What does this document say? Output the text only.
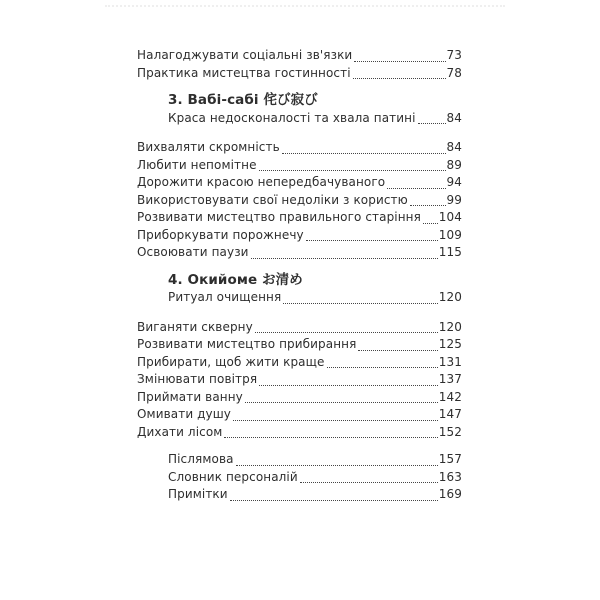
Налагоджувати соціальні зв'язки	73
Практика мистецтва гостинності	78
3. Вабі-сабі 侘び寂び
Краса недосконалості та хвала патині	84
Вихваляти скромність	84
Любити непомітне	89
Дорожити красою непередбачуваного	94
Використовувати свої недоліки з користю	99
Розвивати мистецтво правильного старіння 104
Приборкувати порожнечу	109
Освоювати паузи	115
4. Окийоме お清め
Ритуал очищення	120
Виганяти скверну	120
Розвивати мистецтво прибирання	125
Прибирати, щоб жити краще	131
Змінювати повітря	137
Приймати ванну	142
Омивати душу	147
Дихати лісом	152
Післямова	157
Словник персоналій	163
Примітки	169
